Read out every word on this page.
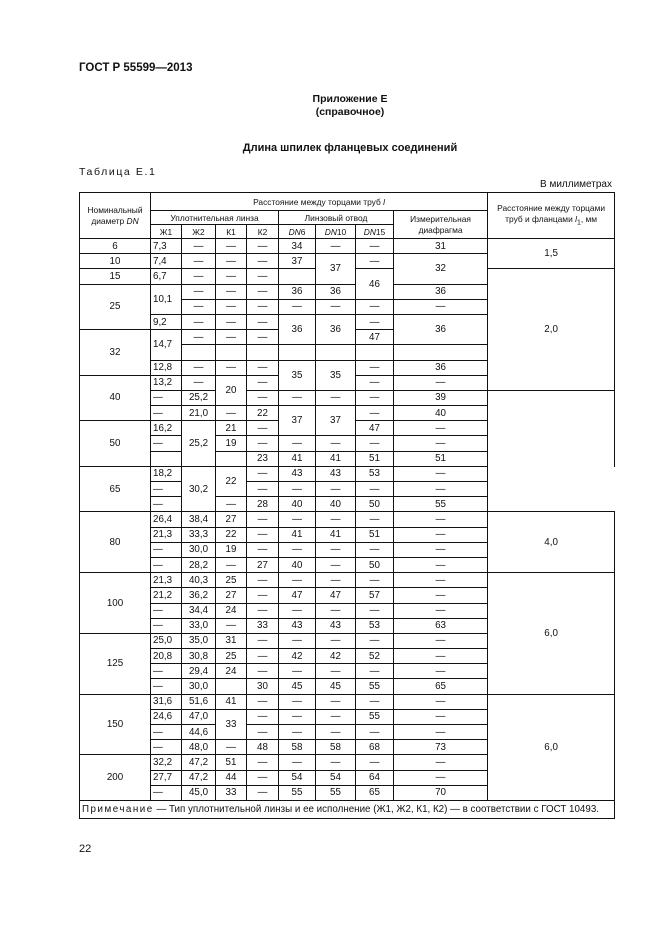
ГОСТ Р 55599—2013
Приложение Е
(справочное)
Длина шпилек фланцевых соединений
Таблица Е.1
В миллиметрах
Номинальный диаметр DN	Расстояние между торцами труб l								Расстояние между торцами труб и фланцами $l_1$, мм	
	Уплотнительная линза				Линзовый отвод			Измерительная диафрагма		
	Ж1	Ж2	К1	К2	DN6	DN10	DN15			
6	7,3	—	—	—	34	—	—	31	1,5	
10	7,4	—	—	—	37	37	—	32		
15	6,7	—	—	—			46		2,0	
25	10,1	—	—	—	36	36		36		
		—	—	—	—	—	—	—		
	9,2	—	—	—	36	36	—	36		
32	14,7	—	—	—			47			

	12,8	—	—	—	35	35	—	36		
40	13,2	—	20	—			—	—	
	—	25,2		—	—	—	—	39		
	—	21,0	—	22	37	37	—	40		
50	16,2	25,2	21	—			47	—		
	—		19	—	—	—	—	—		
				23	41	41	51	51		
65	18,2	30,2	22	—	43	43	53	—		
	—			—	—	—	—	—		
	—		—	28	40	40	50	55		
80	26,4	38,4	27	—	—	—	—	—	4,0	
	21,3	33,3	22	—	41	41	51	—		
	—	30,0	19	—	—	—	—	—		
	—	28,2	—	27	40	—	50	—		
100	21,3	40,3	25	—	—	—	—	—	6,0	
	21,2	36,2	27	—	47	47	57	—		
	—	34,4	24	—	—	—	—	—		
	—	33,0	—	33	43	43	53	63		
125	25,0	35,0	31	—	—	—	—	—		
	20,8	30,8	25	—	42	42	52	—		
	—	29,4	24	—	—	—	—	—		
	—	30,0		30	45	45	55	65		
150	31,6	51,6	41	—	—	—	—	—	6,0	
	24,6	47,0	33	—	—	—	55	—		
	—	44,6		—	—	—	—	—		
	—	48,0	—	48	58	58	68	73		
200	32,2	47,2	51	—	—	—	—	—		
	27,7	47,2	44	—	54	54	64	—		
	—	45,0	33	—	55	55	65	70		
Примечание — Тип уплотнительной линзы и ее исполнение (Ж1, Ж2, К1, К2) — в соответствии с ГОСТ 10493.										
22
